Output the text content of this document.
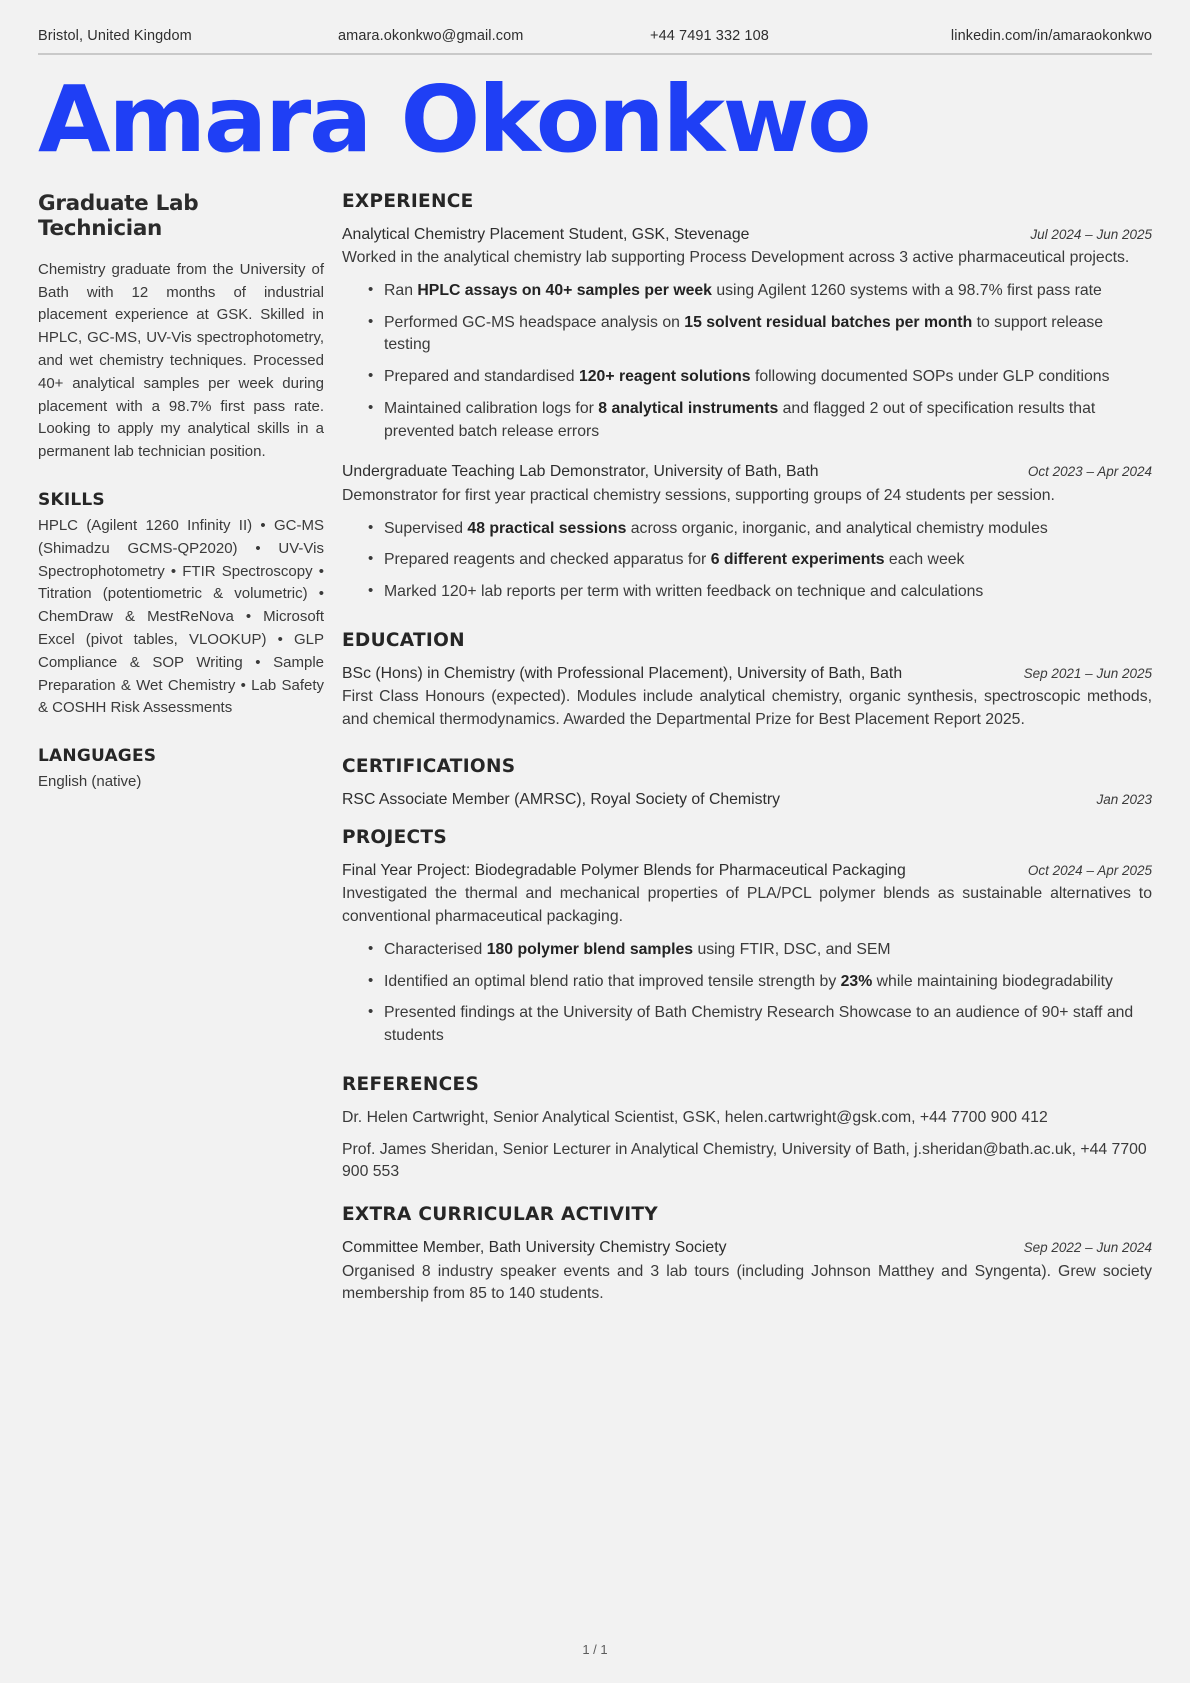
Bristol, United Kingdom	amara.okonkwo@gmail.com	+44 7491 332 108	linkedin.com/in/amaraokonkwo
Amara Okonkwo
Graduate Lab Technician
Chemistry graduate from the University of Bath with 12 months of industrial placement experience at GSK. Skilled in HPLC, GC-MS, UV-Vis spectrophotometry, and wet chemistry techniques. Processed 40+ analytical samples per week during placement with a 98.7% first pass rate. Looking to apply my analytical skills in a permanent lab technician position.
SKILLS
HPLC (Agilent 1260 Infinity II) • GC-MS (Shimadzu GCMS-QP2020) • UV-Vis Spectrophotometry • FTIR Spectroscopy • Titration (potentiometric & volumetric) • ChemDraw & MestReNova • Microsoft Excel (pivot tables, VLOOKUP) • GLP Compliance & SOP Writing • Sample Preparation & Wet Chemistry • Lab Safety & COSHH Risk Assessments
LANGUAGES
English (native)
EXPERIENCE
Analytical Chemistry Placement Student, GSK, Stevenage	Jul 2024 – Jun 2025
Worked in the analytical chemistry lab supporting Process Development across 3 active pharmaceutical projects.
• Ran HPLC assays on 40+ samples per week using Agilent 1260 systems with a 98.7% first pass rate
• Performed GC-MS headspace analysis on 15 solvent residual batches per month to support release testing
• Prepared and standardised 120+ reagent solutions following documented SOPs under GLP conditions
• Maintained calibration logs for 8 analytical instruments and flagged 2 out of specification results that prevented batch release errors
Undergraduate Teaching Lab Demonstrator, University of Bath, Bath	Oct 2023 – Apr 2024
Demonstrator for first year practical chemistry sessions, supporting groups of 24 students per session.
• Supervised 48 practical sessions across organic, inorganic, and analytical chemistry modules
• Prepared reagents and checked apparatus for 6 different experiments each week
• Marked 120+ lab reports per term with written feedback on technique and calculations
EDUCATION
BSc (Hons) in Chemistry (with Professional Placement), University of Bath, Bath	Sep 2021 – Jun 2025
First Class Honours (expected). Modules include analytical chemistry, organic synthesis, spectroscopic methods, and chemical thermodynamics. Awarded the Departmental Prize for Best Placement Report 2025.
CERTIFICATIONS
RSC Associate Member (AMRSC), Royal Society of Chemistry	Jan 2023
PROJECTS
Final Year Project: Biodegradable Polymer Blends for Pharmaceutical Packaging	Oct 2024 – Apr 2025
Investigated the thermal and mechanical properties of PLA/PCL polymer blends as sustainable alternatives to conventional pharmaceutical packaging.
• Characterised 180 polymer blend samples using FTIR, DSC, and SEM
• Identified an optimal blend ratio that improved tensile strength by 23% while maintaining biodegradability
• Presented findings at the University of Bath Chemistry Research Showcase to an audience of 90+ staff and students
REFERENCES
Dr. Helen Cartwright, Senior Analytical Scientist, GSK, helen.cartwright@gsk.com, +44 7700 900 412
Prof. James Sheridan, Senior Lecturer in Analytical Chemistry, University of Bath, j.sheridan@bath.ac.uk, +44 7700 900 553
EXTRA CURRICULAR ACTIVITY
Committee Member, Bath University Chemistry Society	Sep 2022 – Jun 2024
Organised 8 industry speaker events and 3 lab tours (including Johnson Matthey and Syngenta). Grew society membership from 85 to 140 students.
1 / 1
